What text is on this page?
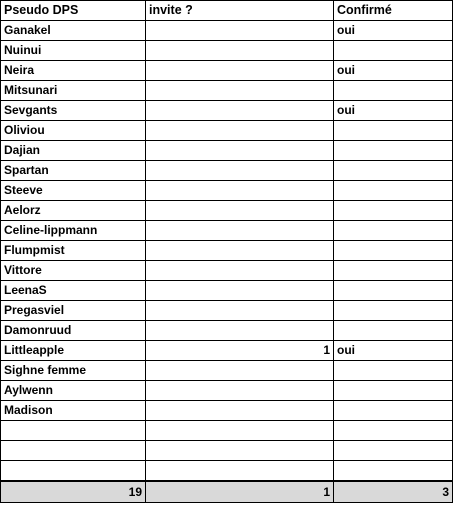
Pseudo DPS	invite ?	Confirmé
Ganakel		oui
Nuinui		
Neira		oui
Mitsunari		
Sevgants		oui
Oliviou		
Dajian		
Spartan		
Steeve		
Aelorz		
Celine-lippmann		
Flumpmist		
Vittore		
LeenaS		
Pregasviel		
Damonruud		
Littleapple	1	oui
Sighne femme		
Aylwenn		
Madison		

19	1	3
